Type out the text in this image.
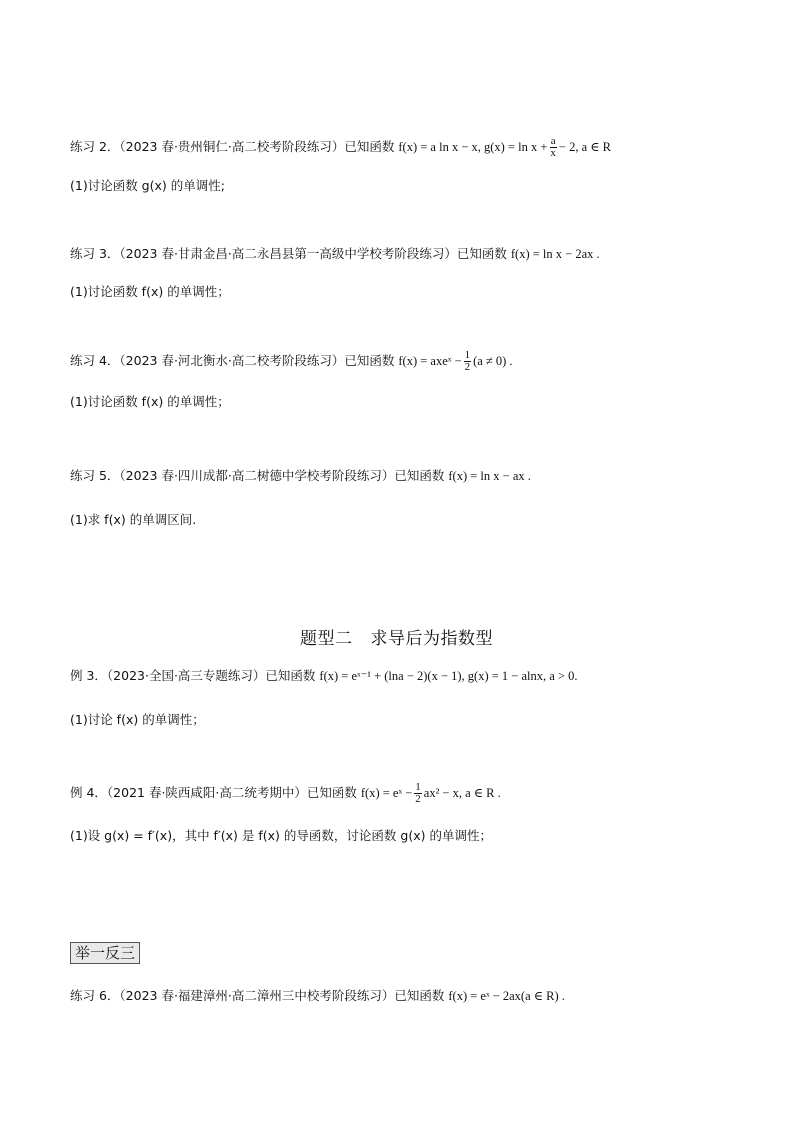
练习 2．（2023 春·贵州铜仁·高二校考阶段练习）已知函数 f(x) = a ln x − x, $g(x) = \ln x + \frac{a}{x} - 2$, a ∈ R
(1)讨论函数 g(x) 的单调性;
练习 3．（2023 春·甘肃金昌·高二永昌县第一高级中学校考阶段练习）已知函数 f(x) = ln x − 2ax .
(1)讨论函数 f(x) 的单调性；
练习 4．（2023 春·河北衡水·高二校考阶段练习）已知函数 f(x) = axeˣ − $\frac{1}{2} (a \ne 0)$ .
(1)讨论函数 f(x) 的单调性；
练习 5．（2023 春·四川成都·高二树德中学校考阶段练习）已知函数 f(x) = ln x − ax .
(1)求 f(x) 的单调区间.
题型二 求导后为指数型
例 3．（2023·全国·高三专题练习）已知函数 f(x) = eˣ⁻¹ + (lna − 2)(x − 1), g(x) = 1 − alnx, a > 0.
(1)讨论 f(x) 的单调性；
例 4．（2021 春·陕西咸阳·高二统考期中）已知函数 f(x) = eˣ − $\frac{1}{2} ax^2 - x$, a ∈ R .
(1)设 g(x) = f′(x)，其中 f′(x) 是 f(x) 的导函数，讨论函数 g(x) 的单调性；
举一反三
练习 6．（2023 春·福建漳州·高二漳州三中校考阶段练习）已知函数 f(x) = eˣ − 2ax(a ∈ R) .
